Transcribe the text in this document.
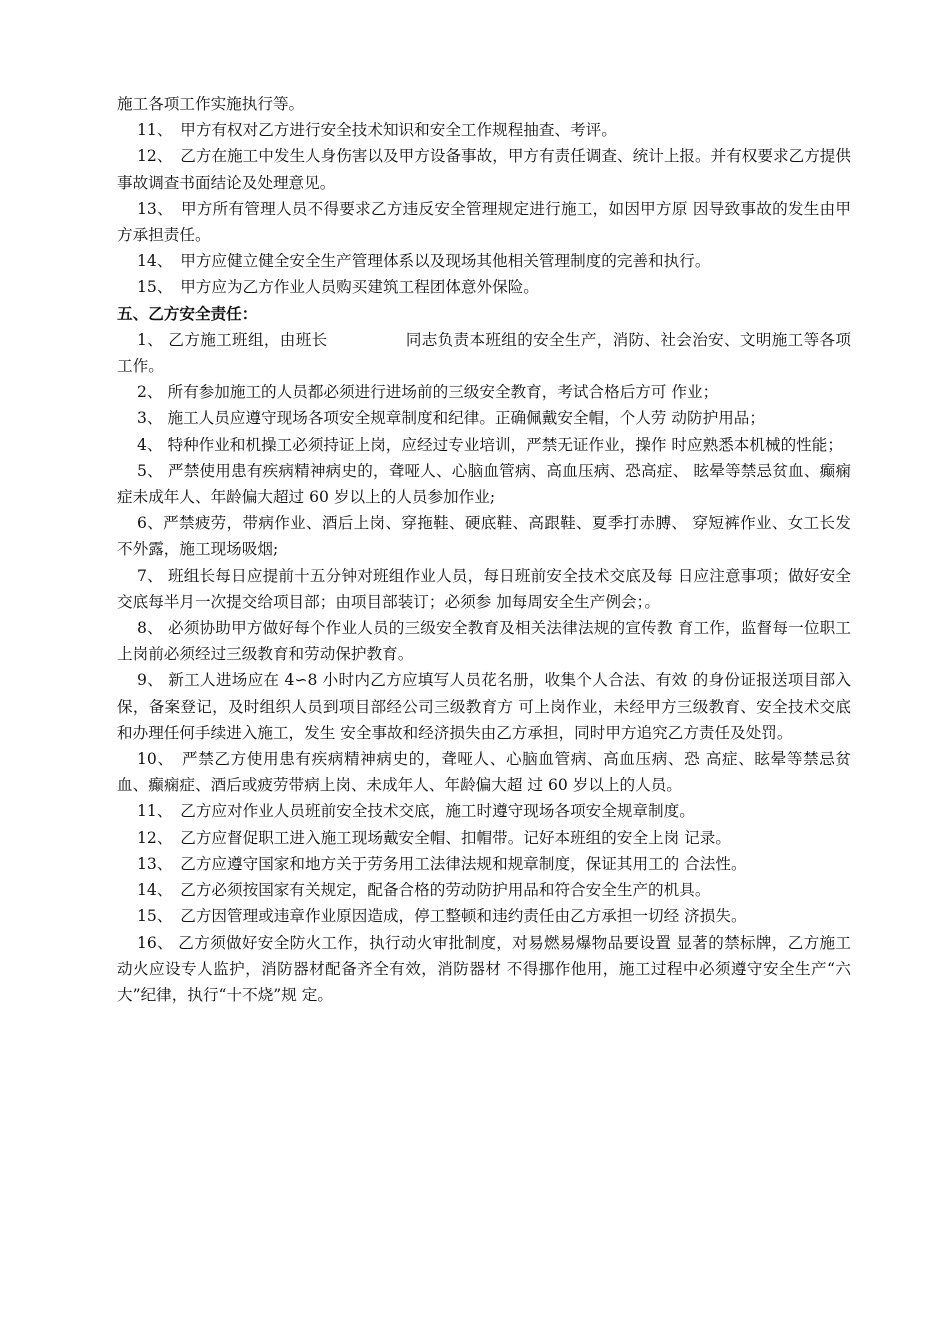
施工各项工作实施执行等。

11、　甲方有权对乙方进行安全技术知识和安全工作规程抽查、考评。

12、　乙方在施工中发生人身伤害以及甲方设备事故，甲方有责任调查、统计上报。并有权要求乙方提供事故调查书面结论及处理意见。

13、　甲方所有管理人员不得要求乙方违反安全管理规定进行施工，如因甲方原 因导致事故的发生由甲方承担责任。

14、　甲方应健立健全安全生产管理体系以及现场其他相关管理制度的完善和执行。

15、　甲方应为乙方作业人员购买建筑工程团体意外保险。

五、乙方安全责任：

1、 乙方施工班组，由班长	同志负责本班组的安全生产，消防、社会治安、文明施工等各项工作。

2、 所有参加施工的人员都必须进行进场前的三级安全教育，考试合格后方可 作业；

3、 施工人员应遵守现场各项安全规章制度和纪律。正确佩戴安全帽，个人劳 动防护用品；

4、 特种作业和机操工必须持证上岗，应经过专业培训，严禁无证作业，操作 时应熟悉本机械的性能；

5、 严禁使用患有疾病精神病史的，聋哑人、心脑血管病、高血压病、恐高症、 眩晕等禁忌贫血、癫痫症未成年人、年龄偏大超过 60 岁以上的人员参加作业;

6、严禁疲劳，带病作业、酒后上岗、穿拖鞋、硬底鞋、高跟鞋、夏季打赤膊、 穿短裤作业、女工长发不外露，施工现场吸烟;

7、 班组长每日应提前十五分钟对班组作业人员，每日班前安全技术交底及每 日应注意事项；做好安全交底每半月一次提交给项目部；由项目部装订；必须参 加每周安全生产例会；。

8、 必须协助甲方做好每个作业人员的三级安全教育及相关法律法规的宣传教 育工作，监督每一位职工上岗前必须经过三级教育和劳动保护教育。

9、 新工人进场应在 4∽8 小时内乙方应填写人员花名册，收集个人合法、有效 的身份证报送项目部入保，备案登记，及时组织人员到项目部经公司三级教育方 可上岗作业，未经甲方三级教育、安全技术交底和办理任何手续进入施工，发生 安全事故和经济损失由乙方承担，同时甲方追究乙方责任及处罚。

10、　严禁乙方使用患有疾病精神病史的，聋哑人、心脑血管病、高血压病、恐 高症、眩晕等禁忌贫血、癫痫症、酒后或疲劳带病上岗、未成年人、年龄偏大超 过 60 岁以上的人员。

11、　乙方应对作业人员班前安全技术交底，施工时遵守现场各项安全规章制度。

12、　乙方应督促职工进入施工现场戴安全帽、扣帽带。记好本班组的安全上岗 记录。

13、　乙方应遵守国家和地方关于劳务用工法律法规和规章制度，保证其用工的 合法性。

14、　乙方必须按国家有关规定，配备合格的劳动防护用品和符合安全生产的机具。

15、　乙方因管理或违章作业原因造成，停工整顿和违约责任由乙方承担一切经 济损失。

16、 乙方须做好安全防火工作，执行动火审批制度，对易燃易爆物品要设置 显著的禁标牌，乙方施工动火应设专人监护，消防器材配备齐全有效，消防器材 不得挪作他用，施工过程中必须遵守安全生产“六大”纪律，执行“十不烧”规 定。
